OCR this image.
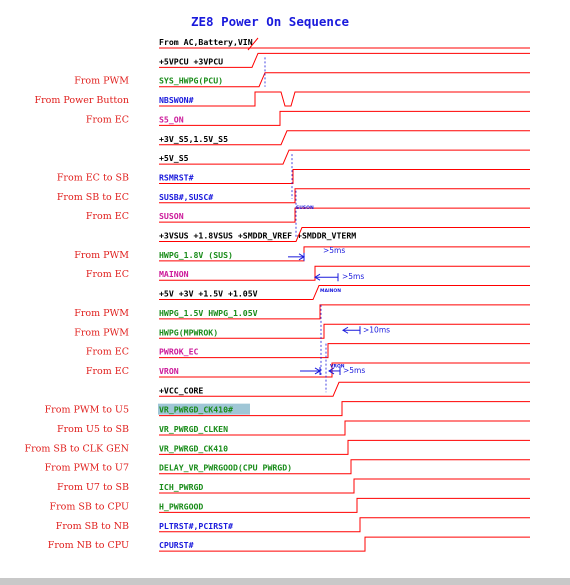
ZE8 Power On Sequence
From AC,Battery,VIN
+5VPCU +3VPCU
From PWM	SYS_HWPG(PCU)
From Power Button	NBSWON#
From EC	S5_ON
+3V_S5,1.5V_S5
+5V_S5
From EC to SB	RSMRST#
From SB to EC	SUSB#,SUSC#
From EC	SUSON
+3VSUS +1.8VSUS +SMDDR_VREF +SMDDR_VTERM
From PWM	HWPG_1.8V (SUS)
From EC	MAINON
+5V +3V +1.5V +1.05V
From PWM	HWPG_1.5V HWPG_1.05V
From PWM	HWPG(MPWROK)
From EC	PWROK_EC
From EC	VRON
+VCC_CORE
From PWM to U5	VR_PWRGD_CK410#
From U5 to SB	VR_PWRGD_CLKEN
From SB to CLK GEN	VR_PWRGD_CK410
From PWM to U7	DELAY_VR_PWRGOOD(CPU PWRGD)
From U7 to SB	ICH_PWRGD
From SB to CPU	H_PWRGOOD
From SB to NB	PLTRST#,PCIRST#
From NB to CPU	CPURST#
SUSON
MAINON
VRON
>5ms
>5ms
>10ms
>5ms
